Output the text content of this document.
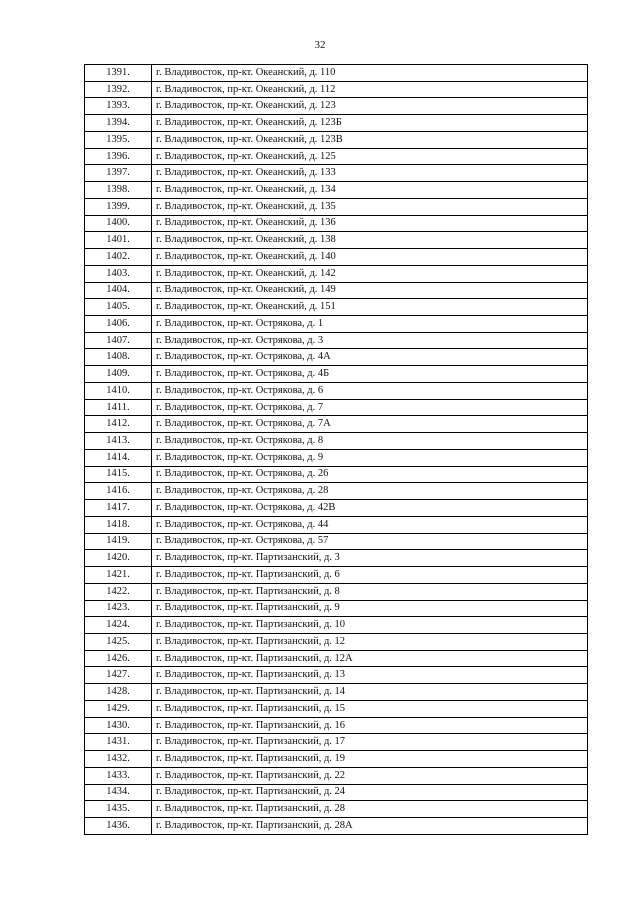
32
1391.	г. Владивосток, пр-кт. Океанский, д. 110
1392.	г. Владивосток, пр-кт. Океанский, д. 112
1393.	г. Владивосток, пр-кт. Океанский, д. 123
1394.	г. Владивосток, пр-кт. Океанский, д. 123Б
1395.	г. Владивосток, пр-кт. Океанский, д. 123В
1396.	г. Владивосток, пр-кт. Океанский, д. 125
1397.	г. Владивосток, пр-кт. Океанский, д. 133
1398.	г. Владивосток, пр-кт. Океанский, д. 134
1399.	г. Владивосток, пр-кт. Океанский, д. 135
1400.	г. Владивосток, пр-кт. Океанский, д. 136
1401.	г. Владивосток, пр-кт. Океанский, д. 138
1402.	г. Владивосток, пр-кт. Океанский, д. 140
1403.	г. Владивосток, пр-кт. Океанский, д. 142
1404.	г. Владивосток, пр-кт. Океанский, д. 149
1405.	г. Владивосток, пр-кт. Океанский, д. 151
1406.	г. Владивосток, пр-кт. Острякова, д. 1
1407.	г. Владивосток, пр-кт. Острякова, д. 3
1408.	г. Владивосток, пр-кт. Острякова, д. 4А
1409.	г. Владивосток, пр-кт. Острякова, д. 4Б
1410.	г. Владивосток, пр-кт. Острякова, д. 6
1411.	г. Владивосток, пр-кт. Острякова, д. 7
1412.	г. Владивосток, пр-кт. Острякова, д. 7А
1413.	г. Владивосток, пр-кт. Острякова, д. 8
1414.	г. Владивосток, пр-кт. Острякова, д. 9
1415.	г. Владивосток, пр-кт. Острякова, д. 26
1416.	г. Владивосток, пр-кт. Острякова, д. 28
1417.	г. Владивосток, пр-кт. Острякова, д. 42В
1418.	г. Владивосток, пр-кт. Острякова, д. 44
1419.	г. Владивосток, пр-кт. Острякова, д. 57
1420.	г. Владивосток, пр-кт. Партизанский, д. 3
1421.	г. Владивосток, пр-кт. Партизанский, д. 6
1422.	г. Владивосток, пр-кт. Партизанский, д. 8
1423.	г. Владивосток, пр-кт. Партизанский, д. 9
1424.	г. Владивосток, пр-кт. Партизанский, д. 10
1425.	г. Владивосток, пр-кт. Партизанский, д. 12
1426.	г. Владивосток, пр-кт. Партизанский, д. 12А
1427.	г. Владивосток, пр-кт. Партизанский, д. 13
1428.	г. Владивосток, пр-кт. Партизанский, д. 14
1429.	г. Владивосток, пр-кт. Партизанский, д. 15
1430.	г. Владивосток, пр-кт. Партизанский, д. 16
1431.	г. Владивосток, пр-кт. Партизанский, д. 17
1432.	г. Владивосток, пр-кт. Партизанский, д. 19
1433.	г. Владивосток, пр-кт. Партизанский, д. 22
1434.	г. Владивосток, пр-кт. Партизанский, д. 24
1435.	г. Владивосток, пр-кт. Партизанский, д. 28
1436.	г. Владивосток, пр-кт. Партизанский, д. 28А
